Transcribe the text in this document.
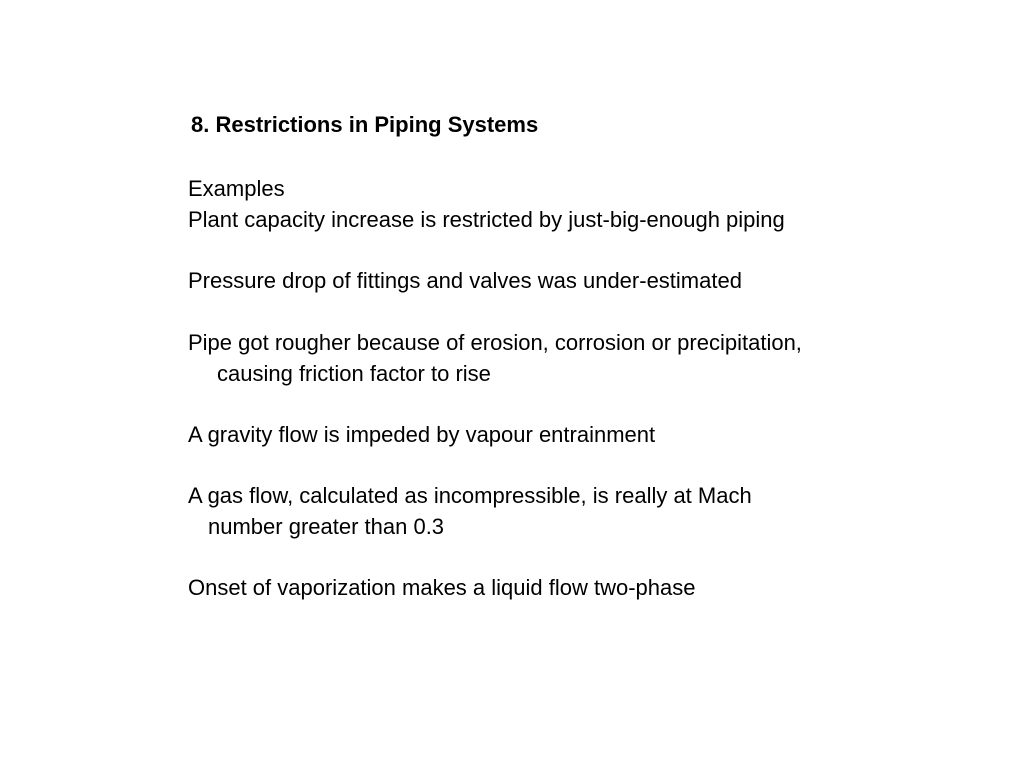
8. Restrictions in Piping Systems

Examples

Plant capacity increase is restricted by just-big-enough piping

Pressure drop of fittings and valves was under-estimated

Pipe got rougher because of erosion, corrosion or precipitation,
causing friction factor to rise

A gravity flow is impeded by vapour entrainment

A gas flow, calculated as incompressible, is really at Mach
number greater than 0.3

Onset of vaporization makes a liquid flow two-phase
